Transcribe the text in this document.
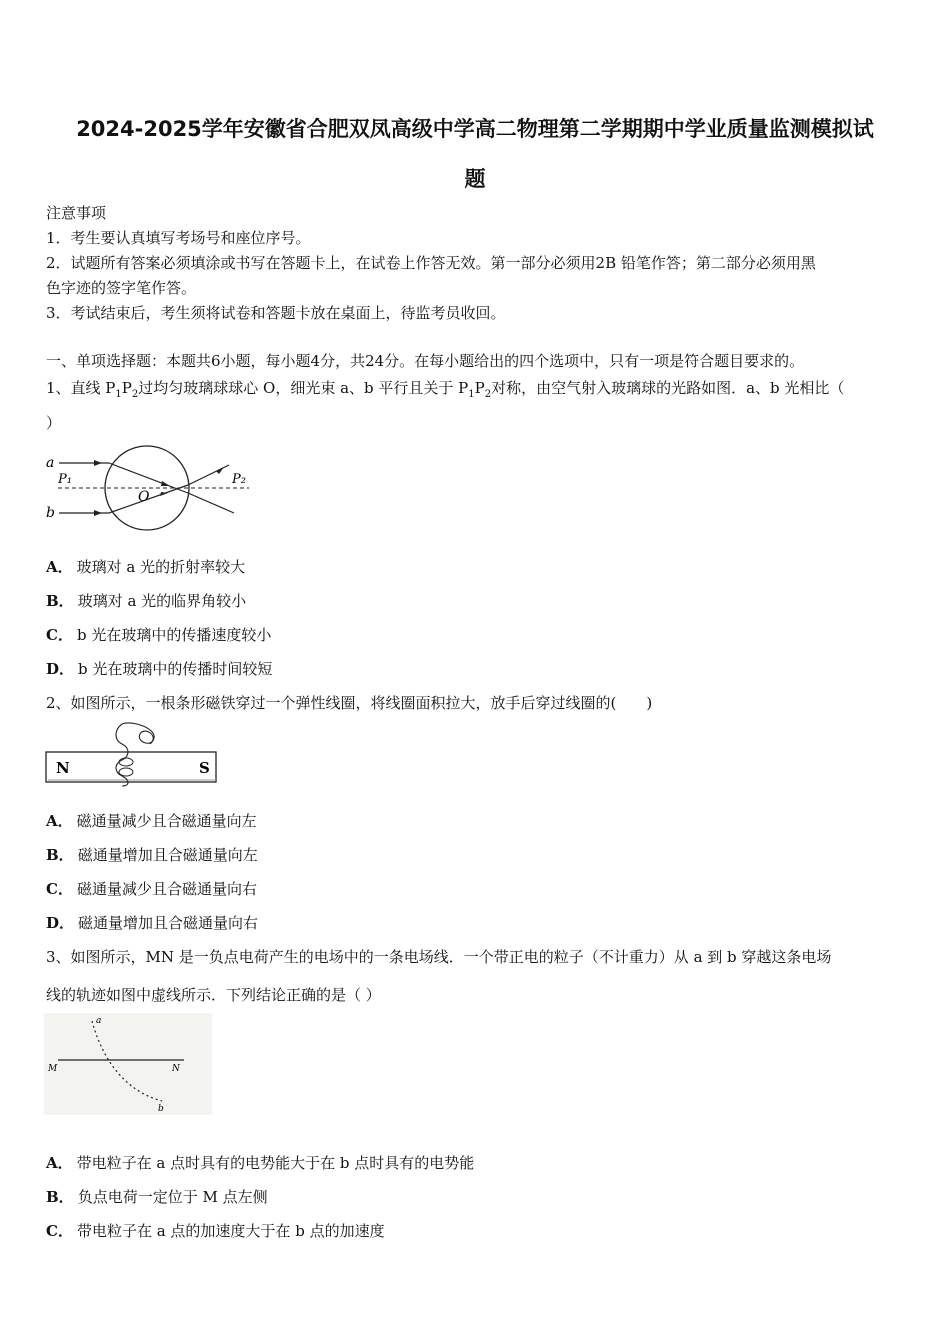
2024-2025学年安徽省合肥双凤高级中学高二物理第二学期期中学业质量监测模拟试
题
注意事项
1．考生要认真填写考场号和座位序号。
2．试题所有答案必须填涂或书写在答题卡上，在试卷上作答无效。第一部分必须用2B 铅笔作答；第二部分必须用黑
色字迹的签字笔作答。
3．考试结束后，考生须将试卷和答题卡放在桌面上，待监考员收回。
一、单项选择题：本题共6小题，每小题4分，共24分。在每小题给出的四个选项中，只有一项是符合题目要求的。
1、直线 $P_1P_2$过均匀玻璃球球心 O，细光束 a、b 平行且关于 $P_1P_2$对称，由空气射入玻璃球的光路如图．a、b 光相比（
）
a
b
P₁	P₂
O
A． 玻璃对 a 光的折射率较大
B． 玻璃对 a 光的临界角较小
C． b 光在玻璃中的传播速度较小
D． b 光在玻璃中的传播时间较短
2、如图所示，一根条形磁铁穿过一个弹性线圈，将线圈面积拉大，放手后穿过线圈的(　　)
N	S
A． 磁通量减少且合磁通量向左
B． 磁通量增加且合磁通量向左
C． 磁通量减少且合磁通量向右
D． 磁通量增加且合磁通量向右
3、如图所示，MN 是一负点电荷产生的电场中的一条电场线．一个带正电的粒子（不计重力）从 a 到 b 穿越这条电场
线的轨迹如图中虚线所示．下列结论正确的是（ ）
a
b
M	N
A． 带电粒子在 a 点时具有的电势能大于在 b 点时具有的电势能
B． 负点电荷一定位于 M 点左侧
C． 带电粒子在 a 点的加速度大于在 b 点的加速度
